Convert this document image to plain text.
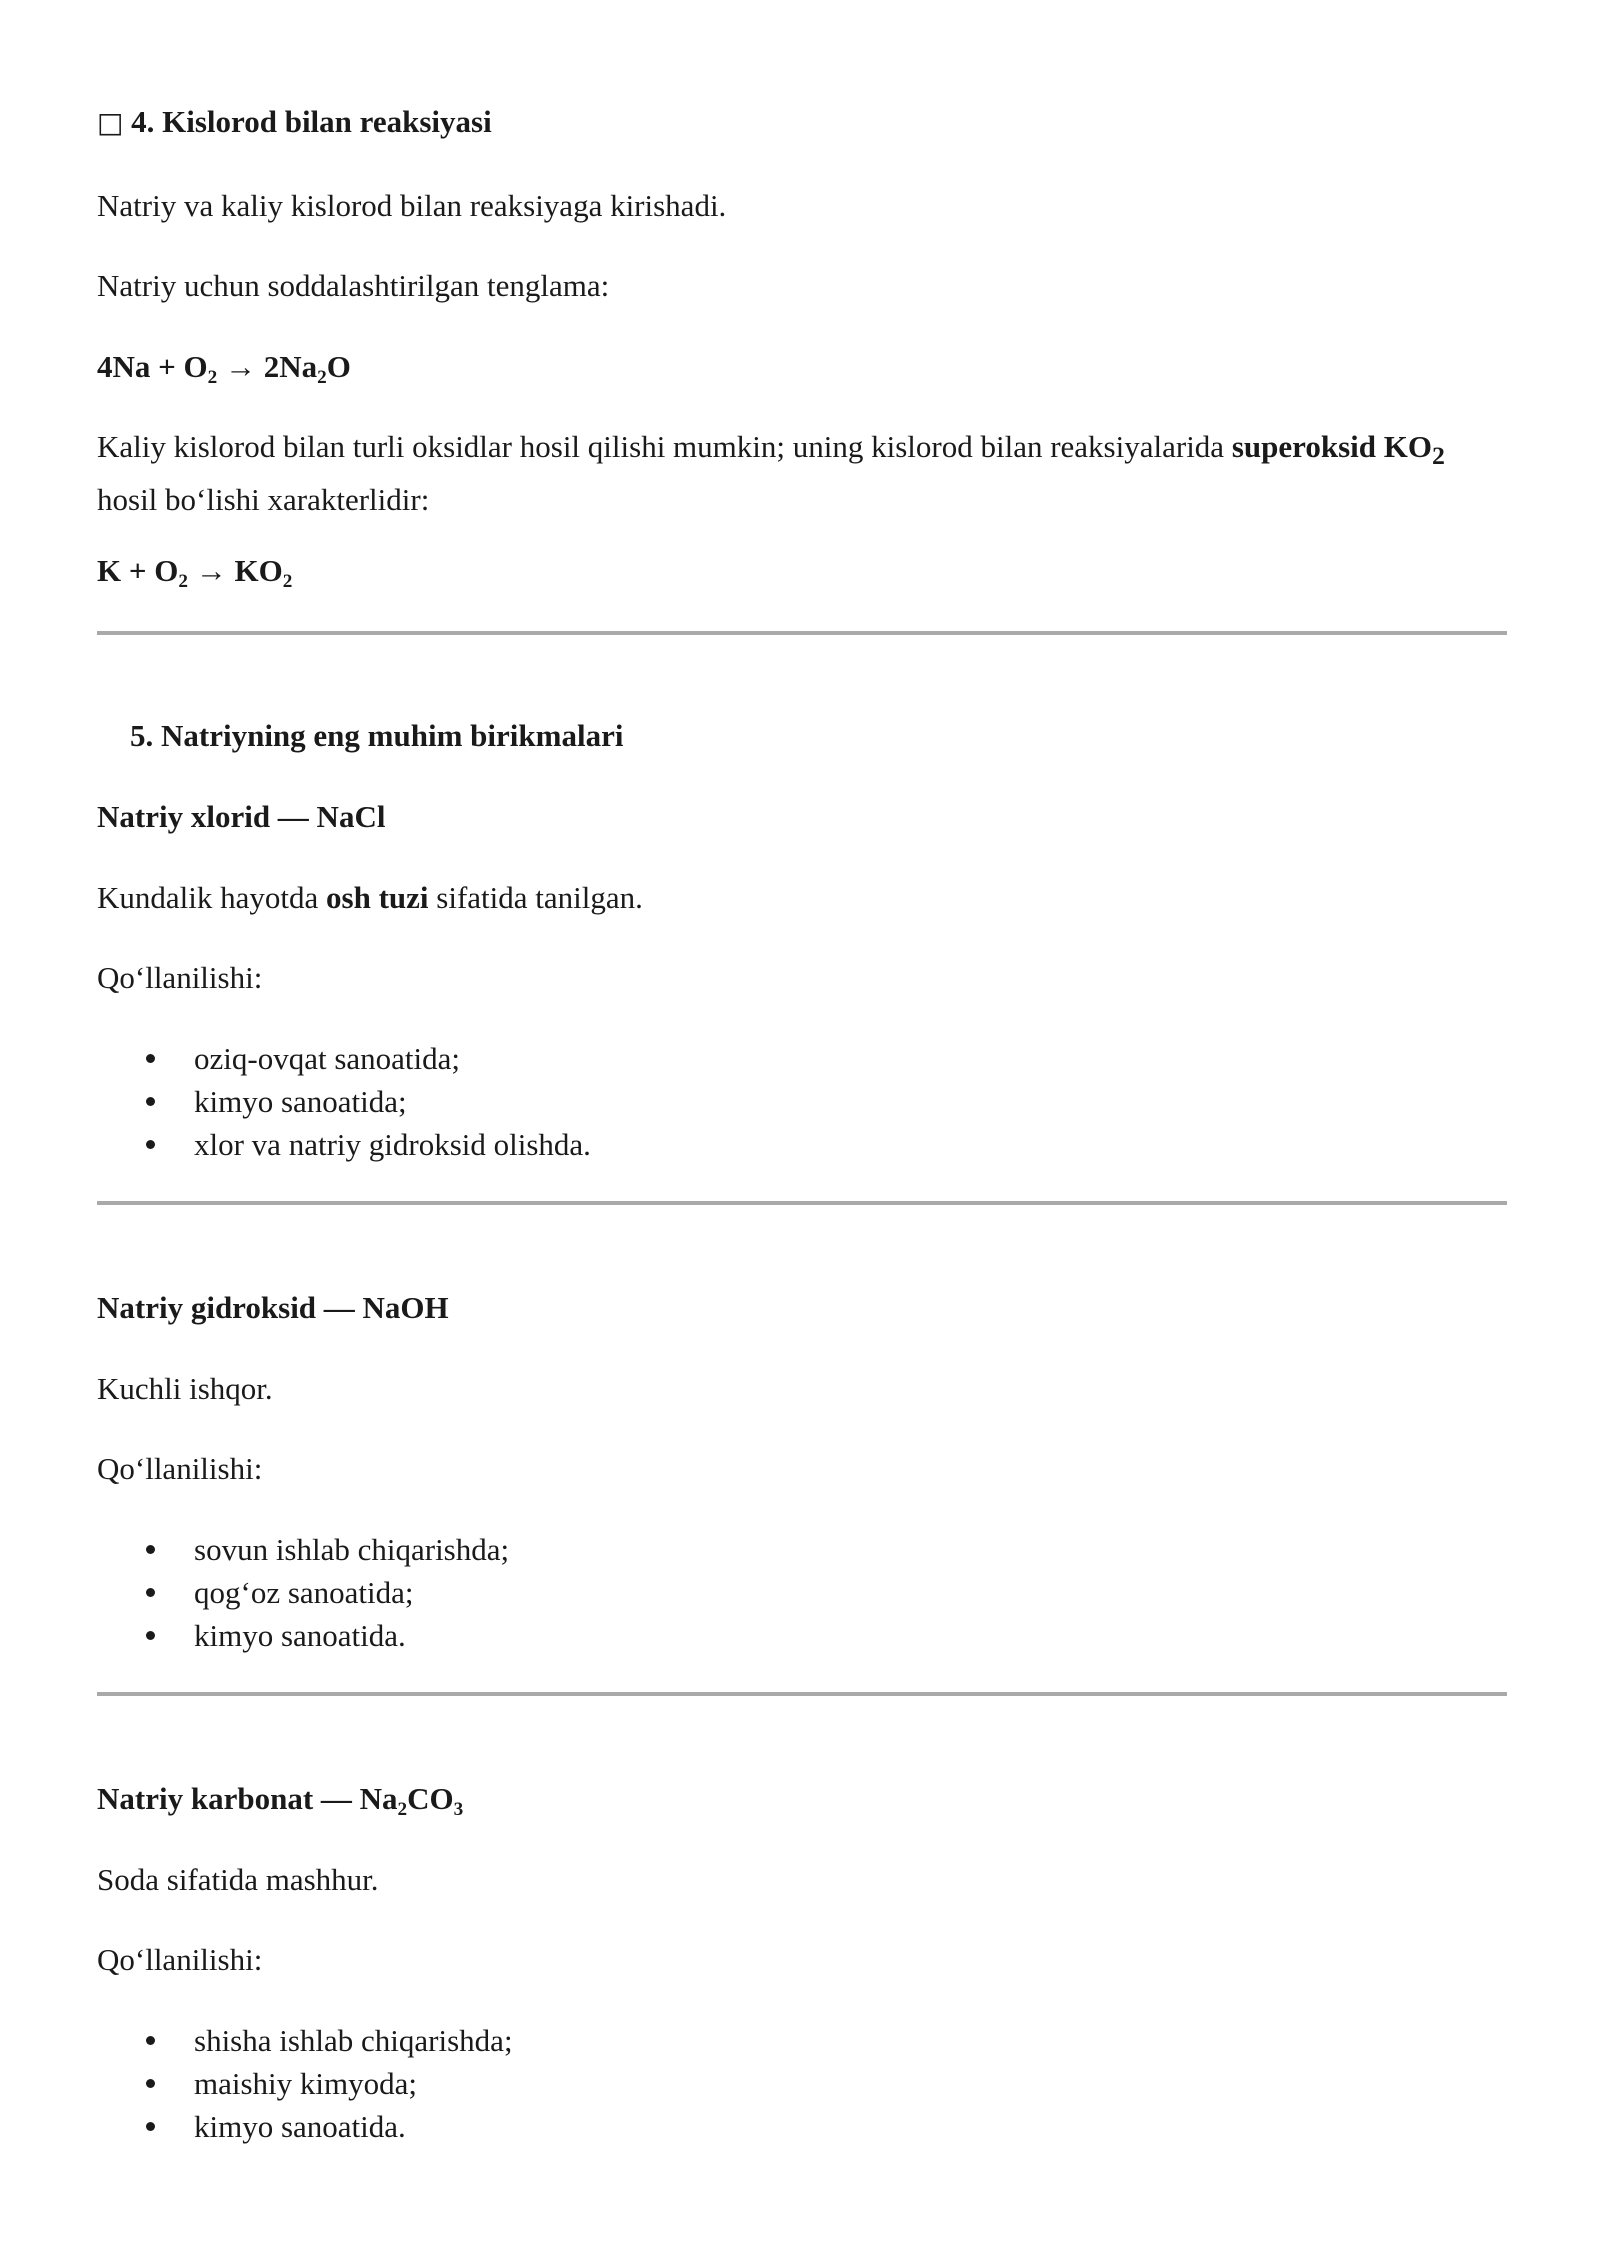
□ 4. Kislorod bilan reaksiyasi

Natriy va kaliy kislorod bilan reaksiyaga kirishadi.

Natriy uchun soddalashtirilgan tenglama:

$4Na + O_2 \to 2Na_2O$

Kaliy kislorod bilan turli oksidlar hosil qilishi mumkin; uning kislorod bilan reaksiyalarida superoksid $KO_2$ hosil bo‘lishi xarakterlidir:

$K + O_2 \to KO_2$
5. Natriyning eng muhim birikmalari
Natriy xlorid — NaCl

Kundalik hayotda osh tuzi sifatida tanilgan.

Qo‘llanilishi:

oziq-ovqat sanoatida;
kimyo sanoatida;
xlor va natriy gidroksid olishda.
Natriy gidroksid — NaOH

Kuchli ishqor.

Qo‘llanilishi:

sovun ishlab chiqarishda;
qog‘oz sanoatida;
kimyo sanoatida.
Natriy karbonat — $Na_2CO_3$

Soda sifatida mashhur.

Qo‘llanilishi:

shisha ishlab chiqarishda;
maishiy kimyoda;
kimyo sanoatida.
